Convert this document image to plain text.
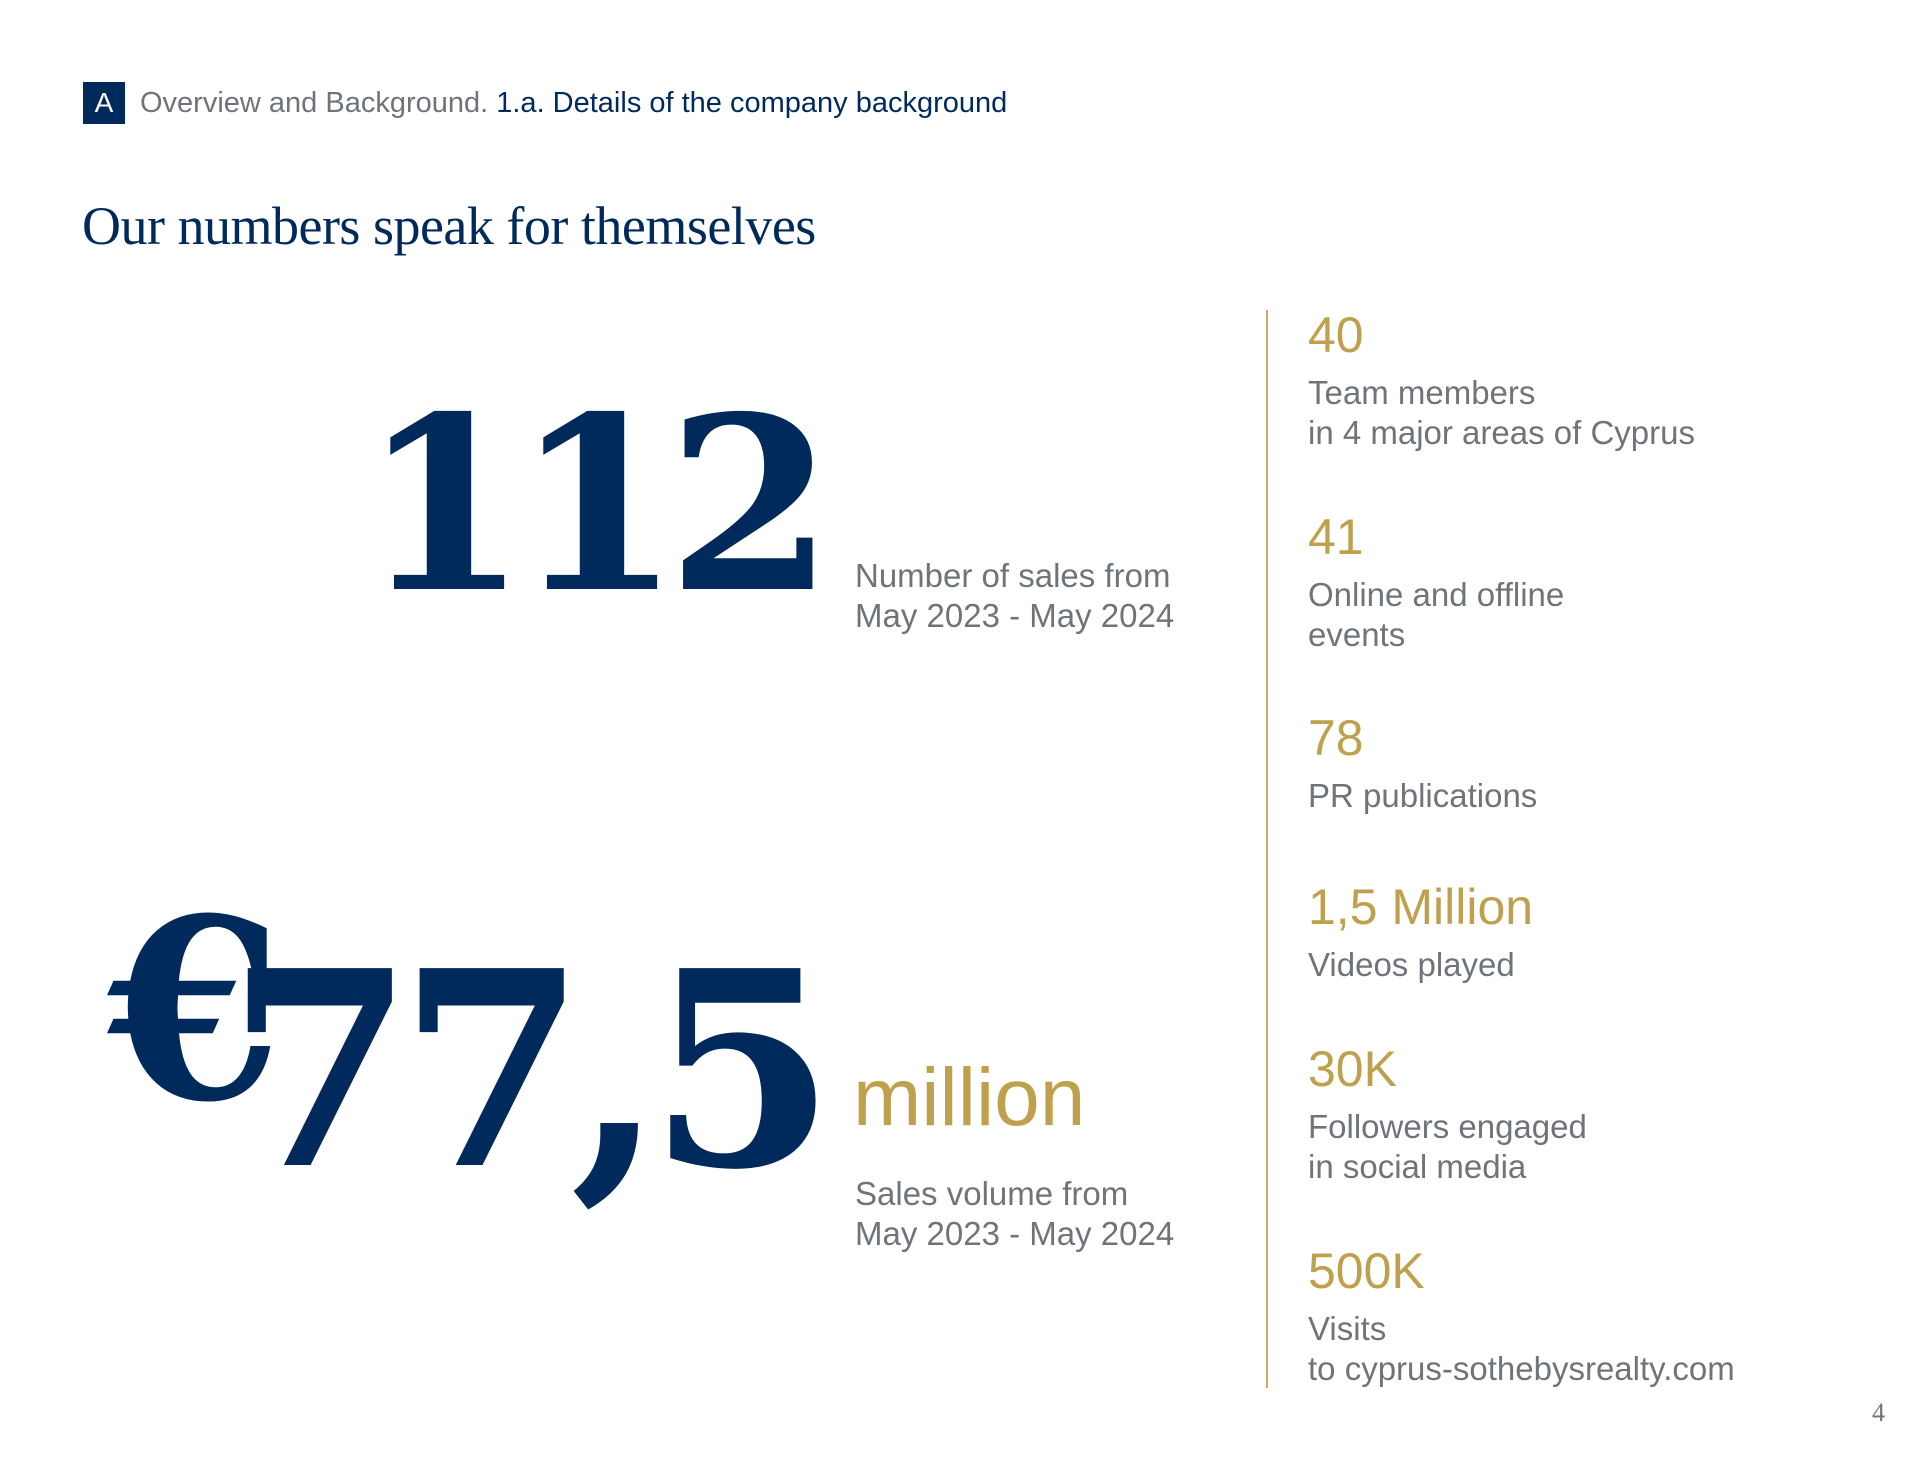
A Overview and Background. 1.a. Details of the company background
Our numbers speak for themselves
112 Number of sales from
May 2023 - May 2024
€
77,5 million
Sales volume from
May 2023 - May 2024
40
Team members
in 4 major areas of Cyprus
41
Online and offline
events
78
PR publications
1,5 Million
Videos played
30K
Followers engaged
in social media
500K
Visits
to cyprus-sothebysrealty.com
4
